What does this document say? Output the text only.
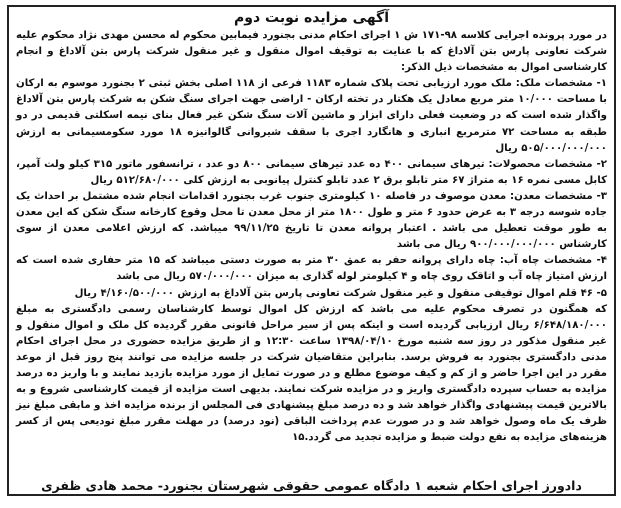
آگهی مزایده نوبت دوم

در مورد پرونده اجرایی کلاسه ۹۸-۱۷۱ ش ۱ اجرای احکام مدنی بجنورد فیمابین محکوم له محسن مهدی نژاد محکوم علیه شرکت تعاونی پارس بتن آلاداغ که با عنایت به توقیف اموال منقول و غیر منقول شرکت پارس بتن آلاداغ و انجام کارشناسی اموال به مشخصات ذیل الذکر:

۱- مشخصات ملک: ملک مورد ارزیابی تحت پلاک شماره ۱۱۸۳ فرعی از ۱۱۸ اصلی بخش ثبتی ۲ بجنورد موسوم به ارکان با مساحت ۱۰/۰۰۰ متر مربع معادل یک هکتار در تخته ارکان - اراضی جهت اجرای سنگ شکن به شرکت پارس بتن آلاداغ واگذار شده است که در وضعیت فعلی دارای ابزار و ماشین آلات سنگ شکن غیر فعال بنای نیمه اسکلتی قدیمی در دو طبقه به مساحت ۷۲ مترمربع انباری و هانگارد اجری با سقف شیروانی گالوانیزه ۱۸ مورد سکومسیمانی به ارزش ۵۰۵/۰۰۰/۰۰۰/۰۰۰ ریال

۲- مشخصات محصولات: تیرهای سیمانی ۴۰۰ ده عدد تیرهای سیمانی ۸۰۰ دو عدد ، ترانسفور ماتور ۳۱۵ کیلو ولت آمپر، کابل مسی نمره ۱۶ به متراژ ۶۷ متر تابلو برق ۲ عدد تابلو کنترل پیانوبی به ارزش کلی ۵۱۲/۶۸۰/۰۰۰ ریال

۳- مشخصات معدن: معدن موصوف در فاصله ۱۰ کیلومتری جنوب غرب بجنورد اقدامات انجام شده مشتمل بر احداث یک جاده شوسه درجه ۳ به عرض حدود ۶ متر و طول ۱۸۰۰ متر از محل معدن تا محل وقوع کارخانه سنگ شکن که این معدن به طور موقت تعطیل می باشد . اعتبار پروانه معدن تا تاریخ ۹۹/۱۱/۲۵ میباشد. که ارزش اعلامی معدن از سوی کارشناس ۹۰۰/۰۰۰/۰۰۰/۰۰۰ ریال می باشد

۴- مشخصات چاه آب: چاه دارای پروانه حفر به عمق ۳۰ متر به صورت دستی میباشد که ۱۵ متر حفاری شده است که ارزش امتیاز چاه آب و اتاقک روی چاه و ۴ کیلومتر لوله گذاری به میزان ۵۷۰/۰۰۰/۰۰۰ ریال می باشد

۵- ۴۶ قلم اموال توقیفی منقول و غیر منقول شرکت تعاونی پارس بتن آلاداغ به ارزش ۴/۱۶۰/۵۰۰/۰۰۰ ریال

که همگنون در تصرف محکوم علیه می باشد که ارزش کل اموال توسط کارشناسان رسمی دادگستری به مبلغ ۶/۶۴۸/۱۸۰/۰۰۰ ریال ارزیابی گردیده است و اینکه پس از سیر مراحل قانونی مقرر گردیده کل ملک و اموال منقول و غیر منقول مذکور در روز سه شنبه مورخ ۱۳۹۸/۰۴/۱۰ ساعت ۱۲:۳۰ و از طریق مزایده حضوری در محل اجرای احکام مدنی دادگستری بجنورد به فروش برسد. بنابراین متقاضیان شرکت در جلسه مزایده می توانند پنج روز قبل از موعد مقرر در این اجرا حاضر و از کم و کیف موضوع مطلع و در صورت تمایل از مورد مزایده بازدید نمایند و با واریز ده درصد مزایده به حساب سپرده دادگستری واریز و در مزایده شرکت نمایند. بدیهی است مزایده از قیمت کارشناسی شروع و به بالاترین قیمت پیشنهادی واگذار خواهد شد و ده درصد مبلغ پیشنهادی فی المجلس از برنده مزایده اخذ و مابقی مبلغ نیز ظرف یک ماه وصول خواهد شد و در صورت عدم پرداخت الباقی (نود درصد) در مهلت مقرر مبلغ تودیعی پس از کسر هزینه‌های مزایده به نفع دولت ضبط و مزایده تجدید می گردد.۱۵

دادورز اجرای احکام شعبه ۱ دادگاه عمومی حقوقی شهرستان بجنورد- محمد هادی ظفری
